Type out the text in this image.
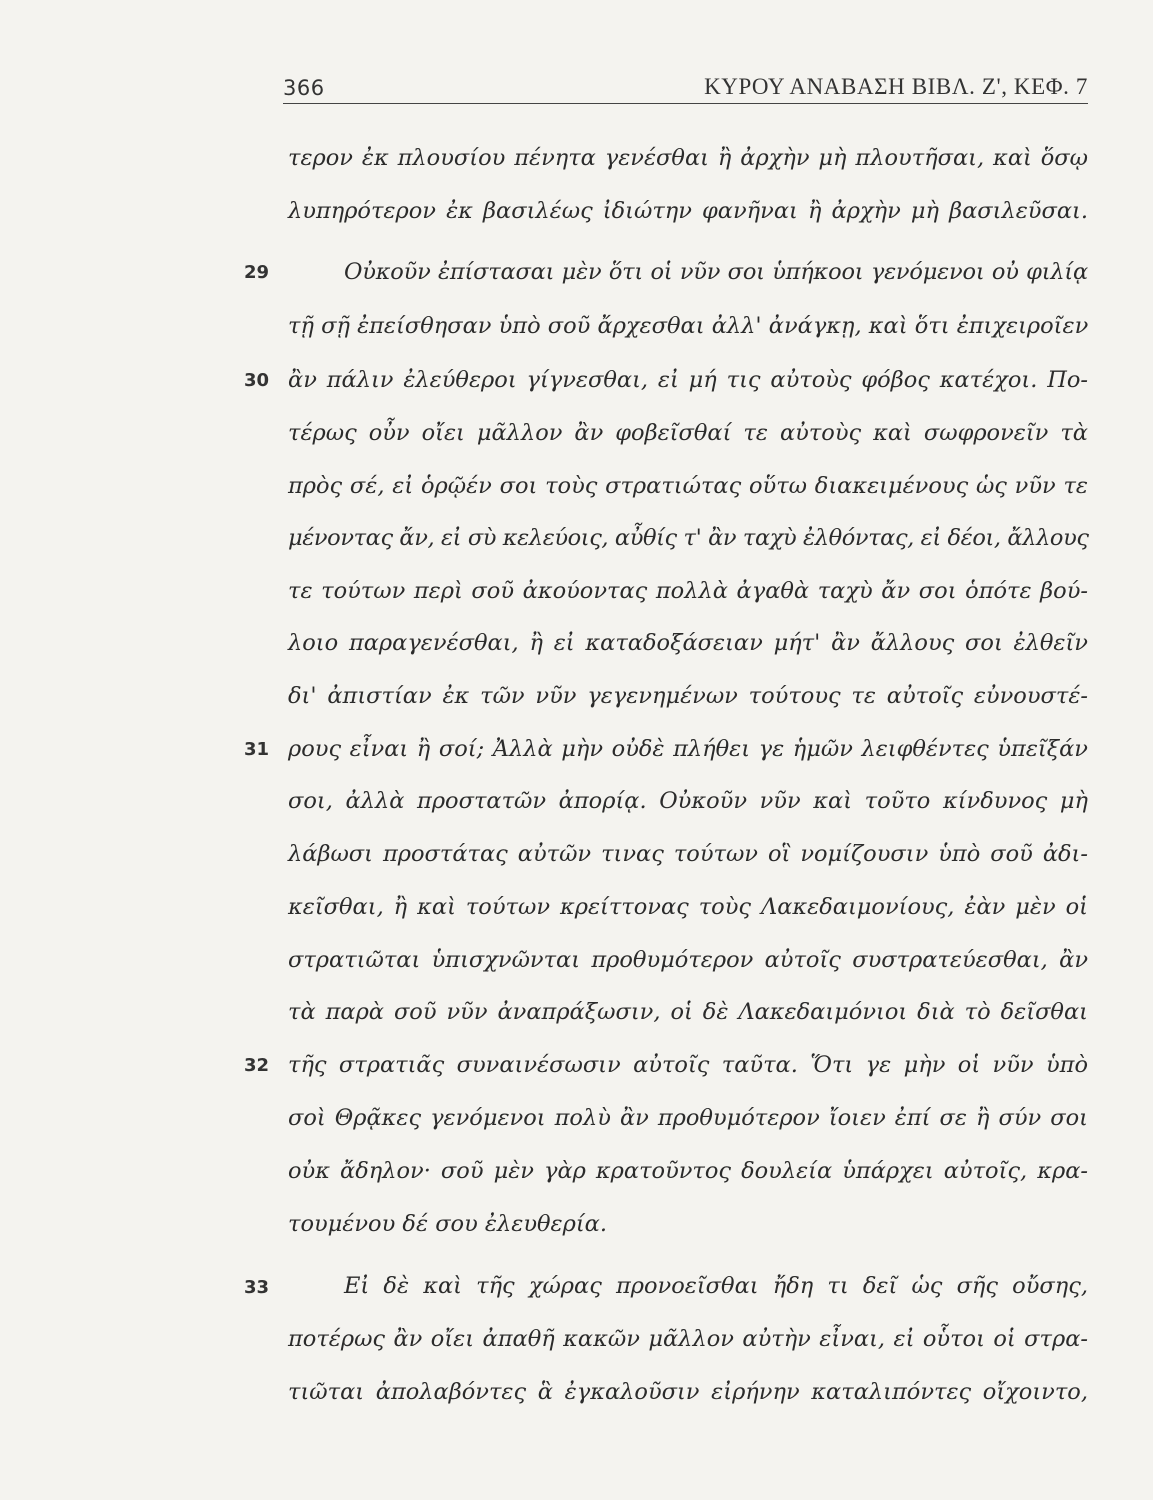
366	ΚΥΡΟΥ ΑΝΑΒΑΣΗ ΒΙΒΛ. Ζ', ΚΕΦ. 7
29
30
31
32
33
τερον ἐκ πλουσίου πένητα γενέσθαι ἢ ἀρχὴν μὴ πλουτῆσαι, καὶ ὅσῳ
λυπηρότερον ἐκ βασιλέως ἰδιώτην φανῆναι ἢ ἀρχὴν μὴ βασιλεῦσαι.
Οὐκοῦν ἐπίστασαι μὲν ὅτι οἱ νῦν σοι ὑπήκοοι γενόμενοι οὐ φιλίᾳ
τῇ σῇ ἐπείσθησαν ὑπὸ σοῦ ἄρχεσθαι ἀλλ' ἀνάγκῃ, καὶ ὅτι ἐπιχειροῖεν
ἂν πάλιν ἐλεύθεροι γίγνεσθαι, εἰ μή τις αὐτοὺς φόβος κατέχοι. Πο-
τέρως οὖν οἴει μᾶλλον ἂν φοβεῖσθαί τε αὐτοὺς καὶ σωφρονεῖν τὰ
πρὸς σέ, εἰ ὁρῷέν σοι τοὺς στρατιώτας οὕτω διακειμένους ὡς νῦν τε
μένοντας ἄν, εἰ σὺ κελεύοις, αὖθίς τ' ἂν ταχὺ ἐλθόντας, εἰ δέοι, ἄλλους
τε τούτων περὶ σοῦ ἀκούοντας πολλὰ ἀγαθὰ ταχὺ ἄν σοι ὁπότε βού-
λοιο παραγενέσθαι, ἢ εἰ καταδοξάσειαν μήτ' ἂν ἄλλους σοι ἐλθεῖν
δι' ἀπιστίαν ἐκ τῶν νῦν γεγενημένων τούτους τε αὐτοῖς εὐνουστέ-
ρους εἶναι ἢ σοί; Ἀλλὰ μὴν οὐδὲ πλήθει γε ἡμῶν λειφθέντες ὑπεῖξάν
σοι, ἀλλὰ προστατῶν ἀπορίᾳ. Οὐκοῦν νῦν καὶ τοῦτο κίνδυνος μὴ
λάβωσι προστάτας αὐτῶν τινας τούτων οἳ νομίζουσιν ὑπὸ σοῦ ἀδι-
κεῖσθαι, ἢ καὶ τούτων κρείττονας τοὺς Λακεδαιμονίους, ἐὰν μὲν οἱ
στρατιῶται ὑπισχνῶνται προθυμότερον αὐτοῖς συστρατεύεσθαι, ἂν
τὰ παρὰ σοῦ νῦν ἀναπράξωσιν, οἱ δὲ Λακεδαιμόνιοι διὰ τὸ δεῖσθαι
τῆς στρατιᾶς συναινέσωσιν αὐτοῖς ταῦτα. Ὅτι γε μὴν οἱ νῦν ὑπὸ
σοὶ Θρᾷκες γενόμενοι πολὺ ἂν προθυμότερον ἴοιεν ἐπί σε ἢ σύν σοι
οὐκ ἄδηλον· σοῦ μὲν γὰρ κρατοῦντος δουλεία ὑπάρχει αὐτοῖς, κρα-
τουμένου δέ σου ἐλευθερία.
Εἰ δὲ καὶ τῆς χώρας προνοεῖσθαι ἤδη τι δεῖ ὡς σῆς οὔσης,
ποτέρως ἂν οἴει ἀπαθῆ κακῶν μᾶλλον αὐτὴν εἶναι, εἰ οὗτοι οἱ στρα-
τιῶται ἀπολαβόντες ἃ ἐγκαλοῦσιν εἰρήνην καταλιπόντες οἴχοιντο,
